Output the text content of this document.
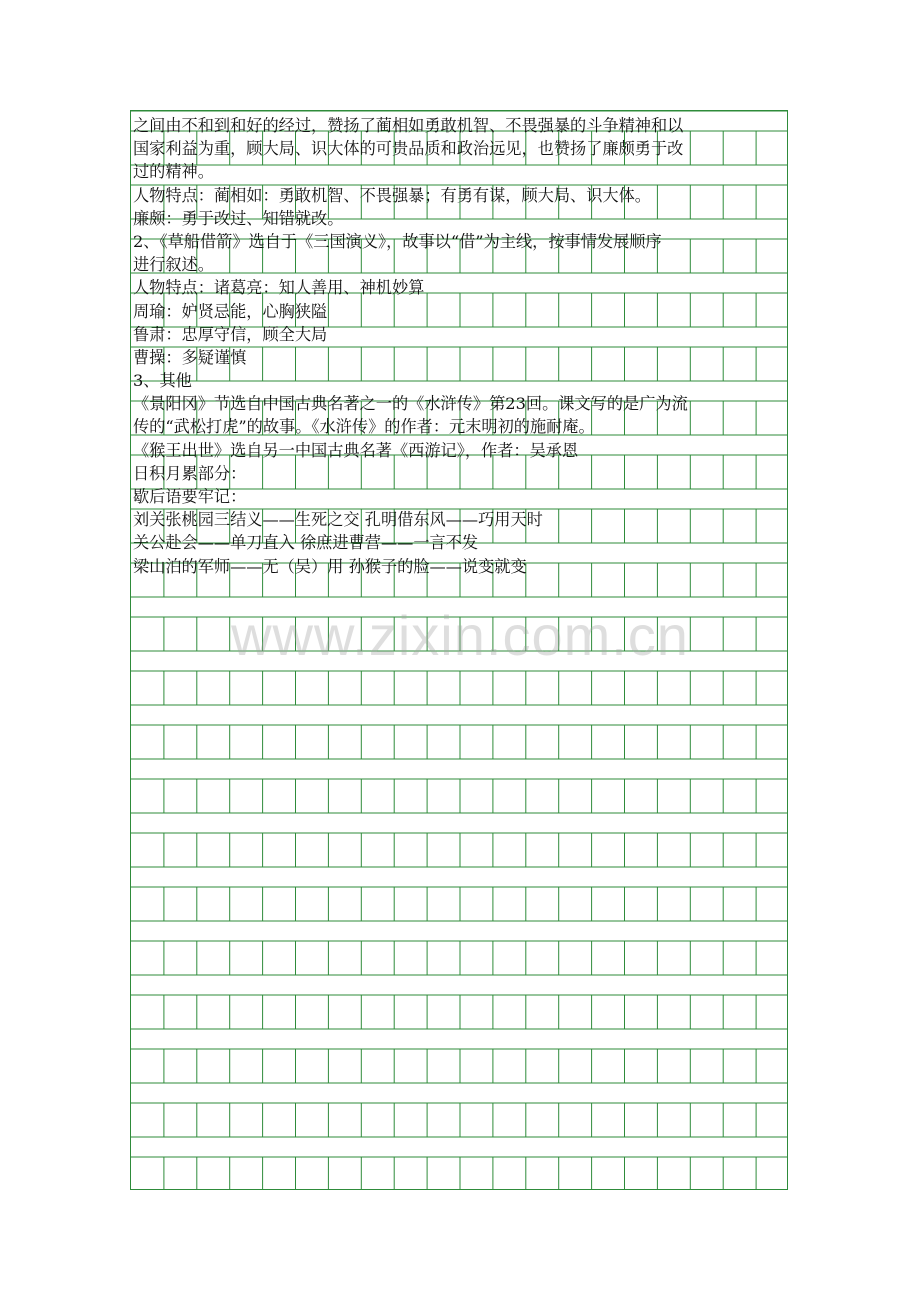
之间由不和到和好的经过，赞扬了蔺相如勇敢机智、不畏强暴的斗争精神和以
国家利益为重，顾大局、识大体的可贵品质和政治远见，也赞扬了廉颇勇于改
过的精神。
人物特点：蔺相如：勇敢机智、不畏强暴；有勇有谋，顾大局、识大体。
廉颇：勇于改过、知错就改。
2、《草船借箭》选自于《三国演义》，故事以“借”为主线，按事情发展顺序
进行叙述。
人物特点：诸葛亮：知人善用、神机妙算
周瑜：妒贤忌能，心胸狭隘
鲁肃：忠厚守信，顾全大局
曹操：多疑谨慎
3、其他
《景阳冈》节选自中国古典名著之一的《水浒传》第23回。课文写的是广为流
传的“武松打虎”的故事。《水浒传》的作者：元末明初的施耐庵。
《猴王出世》选自另一中国古典名著《西游记》，作者：吴承恩
日积月累部分：
歇后语要牢记：
刘关张桃园三结义——生死之交 孔明借东风——巧用天时
关公赴会——单刀直入 徐庶进曹营——一言不发
梁山泊的军师——无（吴）用 孙猴子的脸——说变就变
www.zixin.com.cn
